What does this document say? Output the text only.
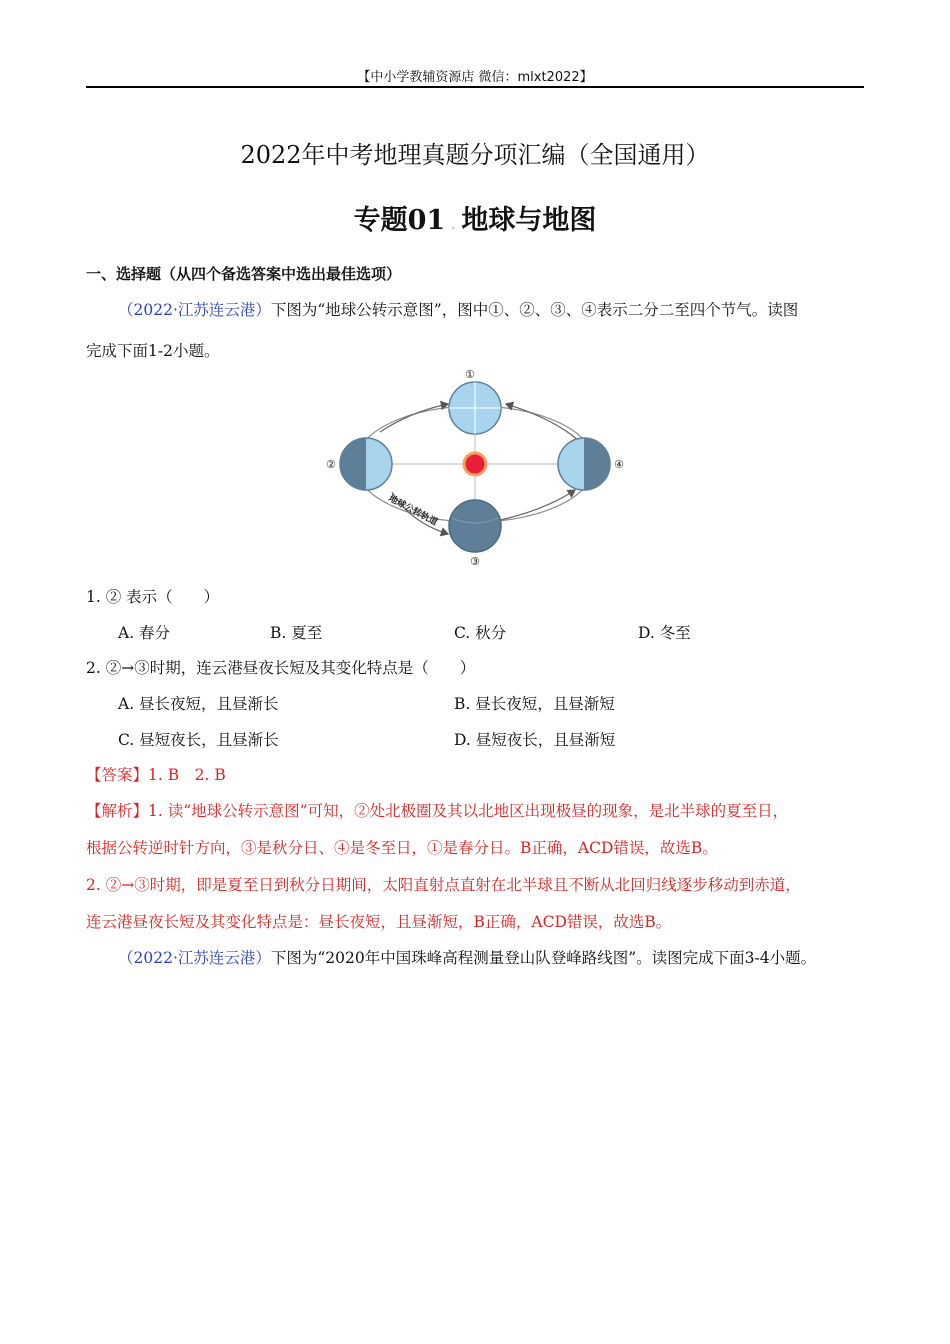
【中小学教辅资源店 微信：mlxt2022】
2022年中考地理真题分项汇编（全国通用）
专题01 . 地球与地图
一、选择题（从四个备选答案中选出最佳选项）
（2022·江苏连云港）下图为“地球公转示意图”，图中①、②、③、④表示二分二至四个节气。读图
完成下面1-2小题。
①
②
③
④
地球公转轨道
1. ② 表示（　　）
A. 春分	B. 夏至	C. 秋分	D. 冬至
2. ②→③时期，连云港昼夜长短及其变化特点是（　　）
A. 昼长夜短，且昼渐长	B. 昼长夜短，且昼渐短
C. 昼短夜长，且昼渐长	D. 昼短夜长，且昼渐短
【答案】1. B　2. B
【解析】1. 读“地球公转示意图”可知，②处北极圈及其以北地区出现极昼的现象，是北半球的夏至日，
根据公转逆时针方向，③是秋分日、④是冬至日，①是春分日。B正确，ACD错误，故选B。
2. ②→③时期，即是夏至日到秋分日期间，太阳直射点直射在北半球且不断从北回归线逐步移动到赤道，
连云港昼夜长短及其变化特点是：昼长夜短，且昼渐短，B正确，ACD错误，故选B。
（2022·江苏连云港）下图为“2020年中国珠峰高程测量登山队登峰路线图”。读图完成下面3-4小题。
